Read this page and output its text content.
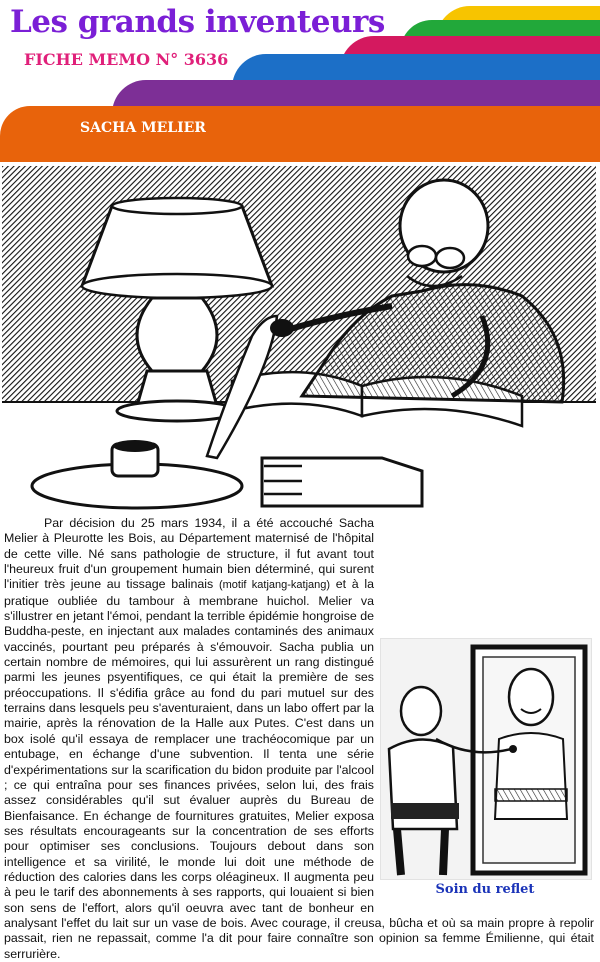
Les grands inventeurs
FICHE MEMO N° 3636
SACHA MELIER

Soin du reflet
Par décision du 25 mars 1934, il a été accouché Sacha Melier à Pleurotte les Bois, au Département maternisé de l'hôpital de cette ville. Né sans pathologie de structure, il fut avant tout l'heureux fruit d'un groupement humain bien déterminé, qui surent l'initier très jeune au tissage balinais (motif katjang-katjang) et à la pratique oubliée du tambour à membrane huichol. Melier va s'illustrer en jetant l'émoi, pendant la terrible épidémie hongroise de Buddha-peste, en injectant aux malades contaminés des animaux vaccinés, pourtant peu préparés à s'émouvoir. Sacha publia un certain nombre de mémoires, qui lui assurèrent un rang distingué parmi les jeunes psyentifiques, ce qui était la première de ses préoccupations. Il s'édifia grâce au fond du pari mutuel sur des terrains dans lesquels peu s'aventuraient, dans un labo offert par la mairie, après la rénovation de la Halle aux Putes. C'est dans un box isolé qu'il essaya de remplacer une trachéocomique par un entubage, en échange d'une subvention. Il tenta une série d'expérimentations sur la scarification du bidon produite par l'alcool ; ce qui entraîna pour ses finances privées, selon lui, des frais assez considérables qu'il sut évaluer auprès du Bureau de Bienfaisance. En échange de fournitures gratuites, Melier exposa ses résultats encourageants sur la concentration de ses efforts pour optimiser ses conclusions. Toujours debout dans son intelligence et sa virilité, le monde lui doit une méthode de réduction des calories dans les corps oléagineux. Il augmenta peu à peu le tarif des abonnements à ses rapports, qui louaient si bien son sens de l'effort, alors qu'il oeuvra avec tant de bonheur en analysant l'effet du lait sur un vase de bois. Avec courage, il creusa, bûcha et où sa main propre à repolir passait, rien ne repassait, comme l'a dit pour faire connaître son opinion sa femme Émilienne, qui était serrurière.
